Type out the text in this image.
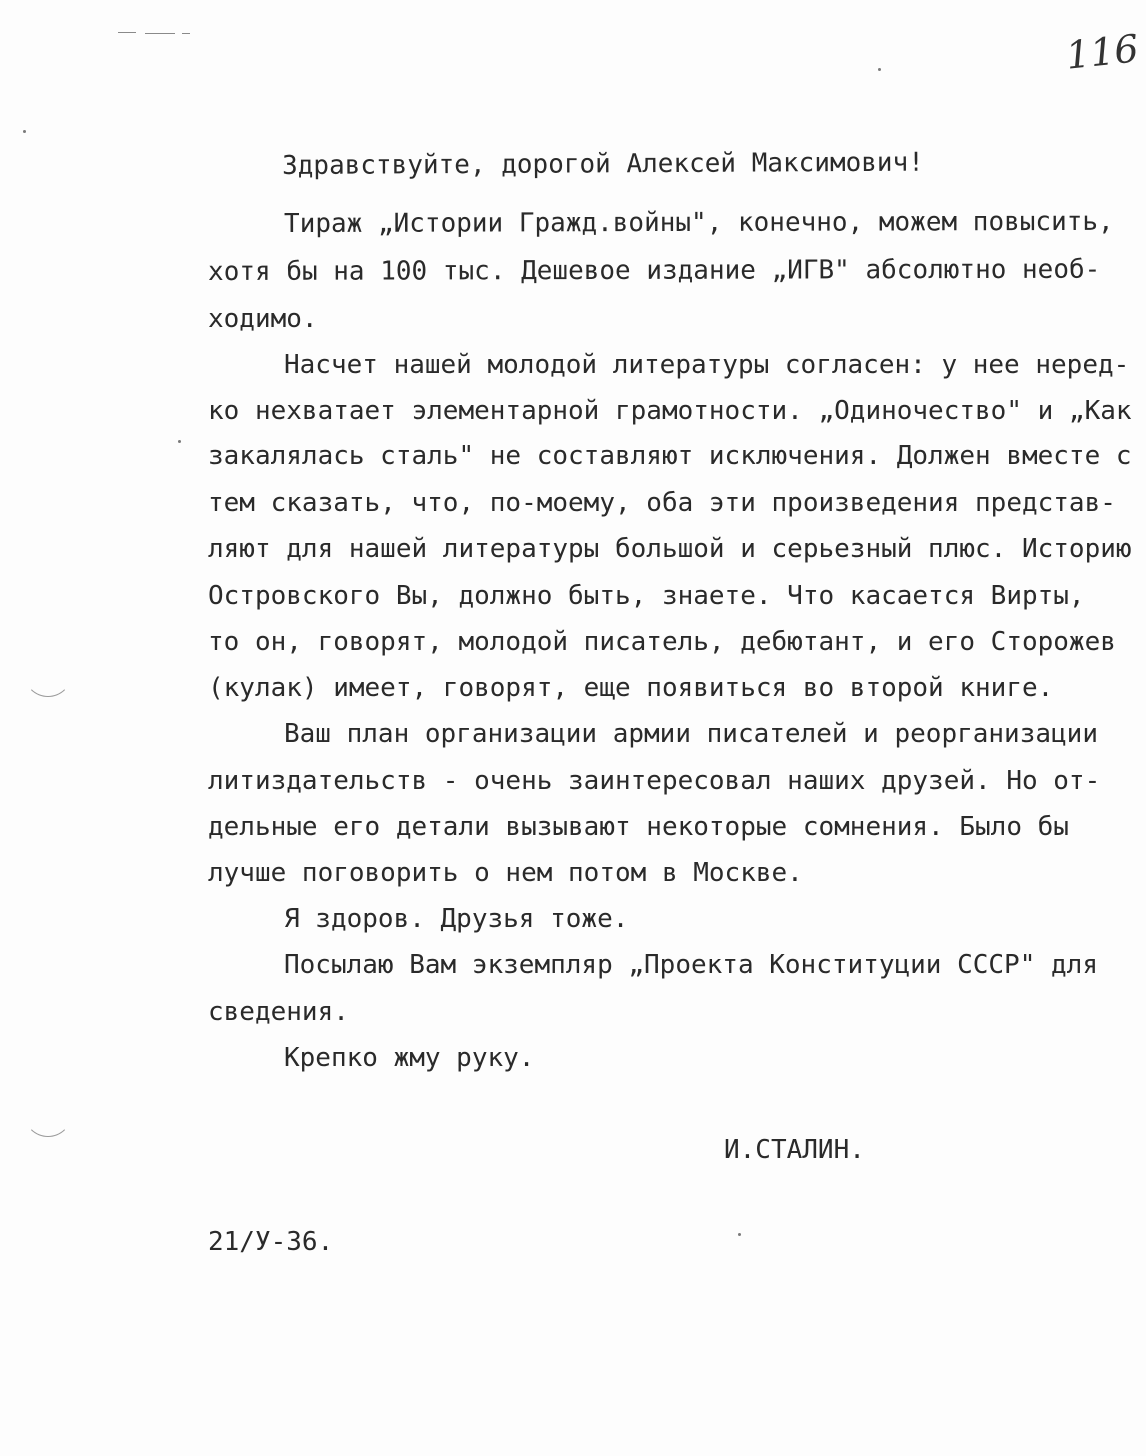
116

Здравствуйте, дорогой Алексей Максимович!

Тираж „Истории Гражд.войны", конечно, можем повысить,

хотя бы на 100 тыс. Дешевое издание „ИГВ" абсолютно необ-

ходимо.

Насчет нашей молодой литературы согласен: у нее неред-

ко нехватает элементарной грамотности. „Одиночество" и „Как

закалялась сталь" не составляют исключения. Должен вместе с

тем сказать, что, по-моему, оба эти произведения представ-

ляют для нашей литературы большой и серьезный плюс. Историю

Островского Вы, должно быть, знаете. Что касается Вирты,

то он, говорят, молодой писатель, дебютант, и его Сторожев

(кулак) имеет, говорят, еще появиться во второй книге.

Ваш план организации армии писателей и реорганизации

литиздательств - очень заинтересовал наших друзей. Но от-

дельные его детали вызывают некоторые сомнения. Было бы

лучше поговорить о нем потом в Москве.

Я здоров. Друзья тоже.

Посылаю Вам экземпляр „Проекта Конституции СССР" для

сведения.

Крепко жму руку.

И.СТАЛИН.

21/У-36.
